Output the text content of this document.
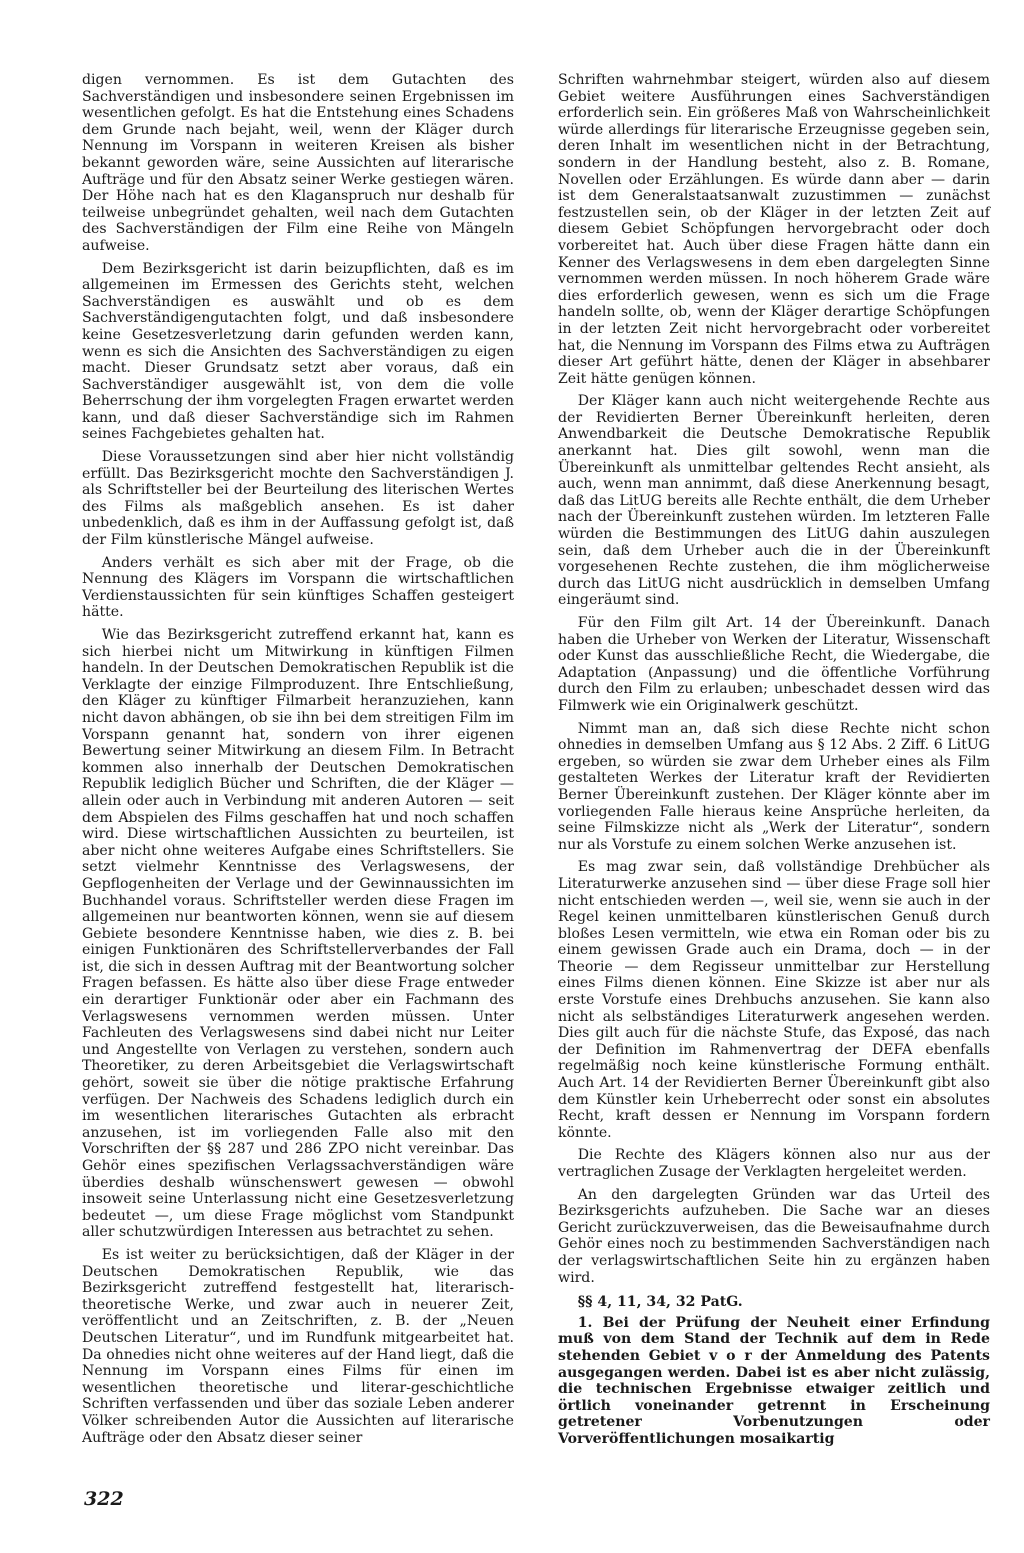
digen vernommen. Es ist dem Gutachten des Sachverständigen und insbesondere seinen Ergebnissen im wesentlichen gefolgt. Es hat die Entstehung eines Schadens dem Grunde nach bejaht, weil, wenn der Kläger durch Nennung im Vorspann in weiteren Kreisen als bisher bekannt geworden wäre, seine Aussichten auf literarische Aufträge und für den Absatz seiner Werke gestiegen wären. Der Höhe nach hat es den Klaganspruch nur deshalb für teilweise unbegründet gehalten, weil nach dem Gutachten des Sachverständigen der Film eine Reihe von Mängeln aufweise.

Dem Bezirksgericht ist darin beizupflichten, daß es im allgemeinen im Ermessen des Gerichts steht, welchen Sachverständigen es auswählt und ob es dem Sachverständigengutachten folgt, und daß insbesondere keine Gesetzesverletzung darin gefunden werden kann, wenn es sich die Ansichten des Sachverständigen zu eigen macht. Dieser Grundsatz setzt aber voraus, daß ein Sachverständiger ausgewählt ist, von dem die volle Beherrschung der ihm vorgelegten Fragen erwartet werden kann, und daß dieser Sachverständige sich im Rahmen seines Fachgebietes gehalten hat.

Diese Voraussetzungen sind aber hier nicht vollständig erfüllt. Das Bezirksgericht mochte den Sachverständigen J. als Schriftsteller bei der Beurteilung des literischen Wertes des Films als maßgeblich ansehen. Es ist daher unbedenklich, daß es ihm in der Auffassung gefolgt ist, daß der Film künstlerische Mängel aufweise.

Anders verhält es sich aber mit der Frage, ob die Nennung des Klägers im Vorspann die wirtschaftlichen Verdienstaussichten für sein künftiges Schaffen gesteigert hätte.

Wie das Bezirksgericht zutreffend erkannt hat, kann es sich hierbei nicht um Mitwirkung in künftigen Filmen handeln. In der Deutschen Demokratischen Republik ist die Verklagte der einzige Filmproduzent. Ihre Entschließung, den Kläger zu künftiger Filmarbeit heranzuziehen, kann nicht davon abhängen, ob sie ihn bei dem streitigen Film im Vorspann genannt hat, sondern von ihrer eigenen Bewertung seiner Mitwirkung an diesem Film. In Betracht kommen also innerhalb der Deutschen Demokratischen Republik lediglich Bücher und Schriften, die der Kläger — allein oder auch in Verbindung mit anderen Autoren — seit dem Abspielen des Films geschaffen hat und noch schaffen wird. Diese wirtschaftlichen Aussichten zu beurteilen, ist aber nicht ohne weiteres Aufgabe eines Schriftstellers. Sie setzt vielmehr Kenntnisse des Verlagswesens, der Gepflogenheiten der Verlage und der Gewinnaussichten im Buchhandel voraus. Schriftsteller werden diese Fragen im allgemeinen nur beantworten können, wenn sie auf diesem Gebiete besondere Kenntnisse haben, wie dies z. B. bei einigen Funktionären des Schriftstellerverbandes der Fall ist, die sich in dessen Auftrag mit der Beantwortung solcher Fragen befassen. Es hätte also über diese Frage entweder ein derartiger Funktionär oder aber ein Fachmann des Verlagswesens vernommen werden müssen. Unter Fachleuten des Verlagswesens sind dabei nicht nur Leiter und Angestellte von Verlagen zu verstehen, sondern auch Theoretiker, zu deren Arbeitsgebiet die Verlagswirtschaft gehört, soweit sie über die nötige praktische Erfahrung verfügen. Der Nachweis des Schadens lediglich durch ein im wesentlichen literarisches Gutachten als erbracht anzusehen, ist im vorliegenden Falle also mit den Vorschriften der §§ 287 und 286 ZPO nicht vereinbar. Das Gehör eines spezifischen Verlagssachverständigen wäre überdies deshalb wünschenswert gewesen — obwohl insoweit seine Unterlassung nicht eine Gesetzesverletzung bedeutet —, um diese Frage möglichst vom Standpunkt aller schutzwürdigen Interessen aus betrachtet zu sehen.

Es ist weiter zu berücksichtigen, daß der Kläger in der Deutschen Demokratischen Republik, wie das Bezirksgericht zutreffend festgestellt hat, literarisch-theoretische Werke, und zwar auch in neuerer Zeit, veröffentlicht und an Zeitschriften, z. B. der „Neuen Deutschen Literatur“, und im Rundfunk mitgearbeitet hat. Da ohnedies nicht ohne weiteres auf der Hand liegt, daß die Nennung im Vorspann eines Films für einen im wesentlichen theoretische und literar-geschichtliche Schriften verfassenden und über das soziale Leben anderer Völker schreibenden Autor die Aussichten auf literarische Aufträge oder den Absatz dieser seiner

Schriften wahrnehmbar steigert, würden also auf diesem Gebiet weitere Ausführungen eines Sachverständigen erforderlich sein. Ein größeres Maß von Wahrscheinlichkeit würde allerdings für literarische Erzeugnisse gegeben sein, deren Inhalt im wesentlichen nicht in der Betrachtung, sondern in der Handlung besteht, also z. B. Romane, Novellen oder Erzählungen. Es würde dann aber — darin ist dem Generalstaatsanwalt zuzustimmen — zunächst festzustellen sein, ob der Kläger in der letzten Zeit auf diesem Gebiet Schöpfungen hervorgebracht oder doch vorbereitet hat. Auch über diese Fragen hätte dann ein Kenner des Verlagswesens in dem eben dargelegten Sinne vernommen werden müssen. In noch höherem Grade wäre dies erforderlich gewesen, wenn es sich um die Frage handeln sollte, ob, wenn der Kläger derartige Schöpfungen in der letzten Zeit nicht hervorgebracht oder vorbereitet hat, die Nennung im Vorspann des Films etwa zu Aufträgen dieser Art geführt hätte, denen der Kläger in absehbarer Zeit hätte genügen können.

Der Kläger kann auch nicht weitergehende Rechte aus der Revidierten Berner Übereinkunft herleiten, deren Anwendbarkeit die Deutsche Demokratische Republik anerkannt hat. Dies gilt sowohl, wenn man die Übereinkunft als unmittelbar geltendes Recht ansieht, als auch, wenn man annimmt, daß diese Anerkennung besagt, daß das LitUG bereits alle Rechte enthält, die dem Urheber nach der Übereinkunft zustehen würden. Im letzteren Falle würden die Bestimmungen des LitUG dahin auszulegen sein, daß dem Urheber auch die in der Übereinkunft vorgesehenen Rechte zustehen, die ihm möglicherweise durch das LitUG nicht ausdrücklich in demselben Umfang eingeräumt sind.

Für den Film gilt Art. 14 der Übereinkunft. Danach haben die Urheber von Werken der Literatur, Wissenschaft oder Kunst das ausschließliche Recht, die Wiedergabe, die Adaptation (Anpassung) und die öffentliche Vorführung durch den Film zu erlauben; unbeschadet dessen wird das Filmwerk wie ein Originalwerk geschützt.

Nimmt man an, daß sich diese Rechte nicht schon ohnedies in demselben Umfang aus § 12 Abs. 2 Ziff. 6 LitUG ergeben, so würden sie zwar dem Urheber eines als Film gestalteten Werkes der Literatur kraft der Revidierten Berner Übereinkunft zustehen. Der Kläger könnte aber im vorliegenden Falle hieraus keine Ansprüche herleiten, da seine Filmskizze nicht als „Werk der Literatur“, sondern nur als Vorstufe zu einem solchen Werke anzusehen ist.

Es mag zwar sein, daß vollständige Drehbücher als Literaturwerke anzusehen sind — über diese Frage soll hier nicht entschieden werden —, weil sie, wenn sie auch in der Regel keinen unmittelbaren künstlerischen Genuß durch bloßes Lesen vermitteln, wie etwa ein Roman oder bis zu einem gewissen Grade auch ein Drama, doch — in der Theorie — dem Regisseur unmittelbar zur Herstellung eines Films dienen können. Eine Skizze ist aber nur als erste Vorstufe eines Drehbuchs anzusehen. Sie kann also nicht als selbständiges Literaturwerk angesehen werden. Dies gilt auch für die nächste Stufe, das Exposé, das nach der Definition im Rahmenvertrag der DEFA ebenfalls regelmäßig noch keine künstlerische Formung enthält. Auch Art. 14 der Revidierten Berner Übereinkunft gibt also dem Künstler kein Urheberrecht oder sonst ein absolutes Recht, kraft dessen er Nennung im Vorspann fordern könnte.

Die Rechte des Klägers können also nur aus der vertraglichen Zusage der Verklagten hergeleitet werden.

An den dargelegten Gründen war das Urteil des Bezirksgerichts aufzuheben. Die Sache war an dieses Gericht zurückzuverweisen, das die Beweisaufnahme durch Gehör eines noch zu bestimmenden Sachverständigen nach der verlagswirtschaftlichen Seite hin zu ergänzen haben wird.

§§ 4, 11, 34, 32 PatG.

1. Bei der Prüfung der Neuheit einer Erfindung muß von dem Stand der Technik auf dem in Rede stehenden Gebiet v o r der Anmeldung des Patents ausgegangen werden. Dabei ist es aber nicht zulässig, die technischen Ergebnisse etwaiger zeitlich und örtlich voneinander getrennt in Erscheinung getretener Vorbenutzungen oder Vorveröffentlichungen mosaikartig

322
